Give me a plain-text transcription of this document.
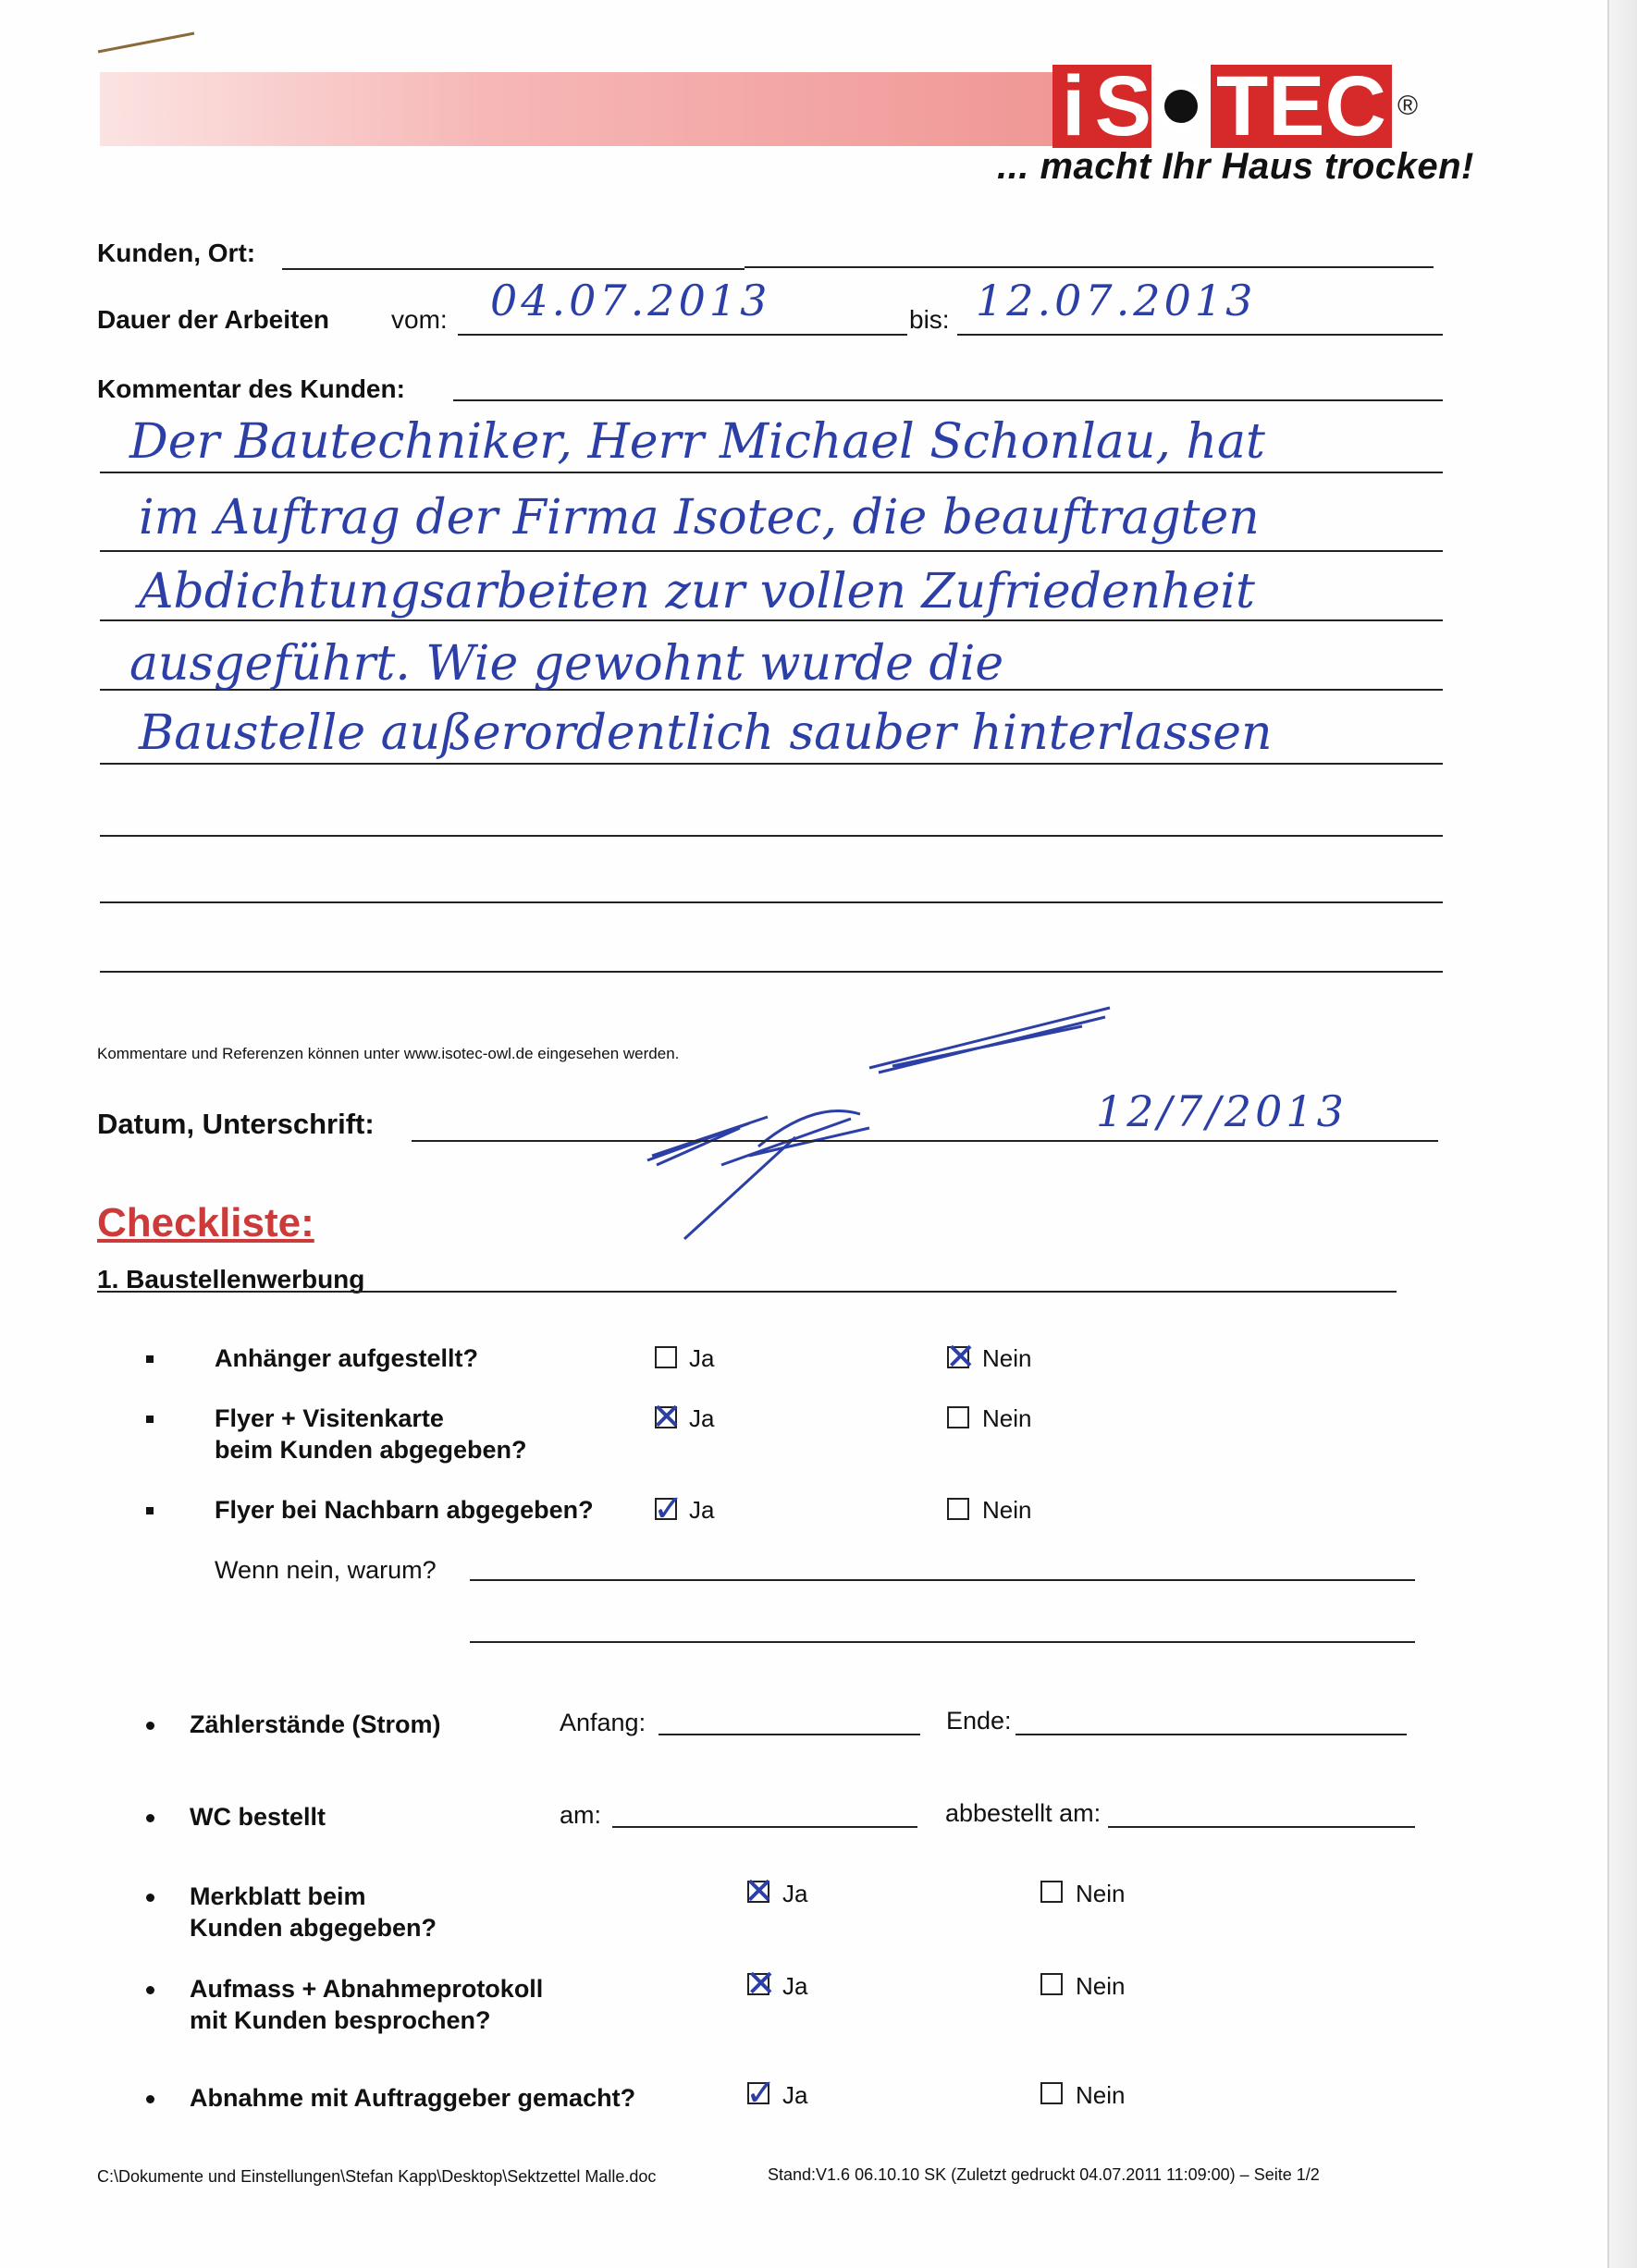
i S TEC ®
... macht Ihr Haus trocken!
Kunden, Ort:
Dauer der Arbeiten vom: 04.07.2013	bis: 12.07.2013
Kommentar des Kunden:
Der Bautechniker, Herr Michael Schonlau, hat
im Auftrag der Firma Isotec, die beauftragten
Abdichtungsarbeiten zur vollen Zufriedenheit
ausgeführt. Wie gewohnt wurde die
Baustelle außerordentlich sauber hinterlassen
Kommentare und Referenzen können unter www.isotec-owl.de eingesehen werden.
Datum, Unterschrift:	12/7/2013
Checkliste:
1. Baustellenwerbung
Anhänger aufgestellt?	Ja	✕ Nein
Flyer + Visitenkarte
beim Kunden abgegeben?
✕ Ja	Nein
Flyer bei Nachbarn abgegeben? ✓ Ja	Nein
Wenn nein, warum?
Zählerstände (Strom)	Anfang:	Ende:
WC bestellt	am:	abbestellt am:
Merkblatt beim
Kunden abgegeben?
✕ Ja	Nein
Aufmass + Abnahmeprotokoll
mit Kunden besprochen?
✕ Ja	Nein
Abnahme mit Auftraggeber gemacht?	✓ Ja	Nein
C:\Dokumente und Einstellungen\Stefan Kapp\Desktop\Sektzettel Malle.doc	Stand:V1.6 06.10.10 SK (Zuletzt gedruckt 04.07.2011 11:09:00) – Seite 1/2
